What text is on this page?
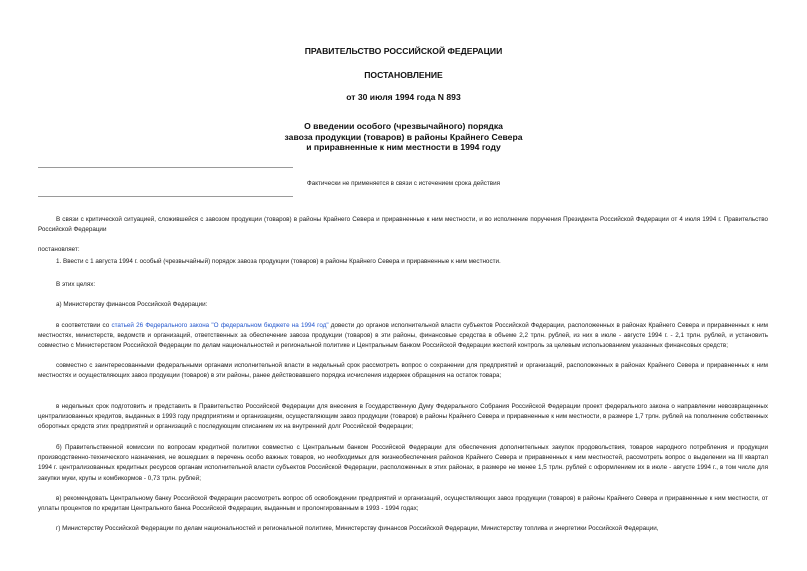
ПРАВИТЕЛЬСТВО РОССИЙСКОЙ ФЕДЕРАЦИИ
ПОСТАНОВЛЕНИЕ
от 30 июля 1994 года N 893
О введении особого (чрезвычайного) порядка
завоза продукции (товаров) в районы Крайнего Севера
и приравненные к ним местности в 1994 году
Фактически не применяется в связи с истечением срока действия
В связи с критической ситуацией, сложившейся с завозом продукции (товаров) в районы Крайнего Севера и приравненные к ним местности, и во исполнение поручения Президента Российской Федерации от 4 июля 1994 г. Правительство Российской Федерации
постановляет:
1. Ввести с 1 августа 1994 г. особый (чрезвычайный) порядок завоза продукции (товаров) в районы Крайнего Севера и приравненные к ним местности.
В этих целях:
а) Министерству финансов Российской Федерации:
в соответствии со статьей 26 Федерального закона "О федеральном бюджете на 1994 год" довести до органов исполнительной власти субъектов Российской Федерации, расположенных в районах Крайнего Севера и приравненных к ним местностях, министерств, ведомств и организаций, ответственных за обеспечение завоза продукции (товаров) в эти районы, финансовые средства в объеме 2,2 трлн. рублей, из них в июле - августе 1994 г. - 2,1 трлн. рублей, и установить совместно с Министерством Российской Федерации по делам национальностей и региональной политике и Центральным банком Российской Федерации жесткий контроль за целевым использованием указанных финансовых средств;
совместно с заинтересованными федеральными органами исполнительной власти в недельный срок рассмотреть вопрос о сохранении для предприятий и организаций, расположенных в районах Крайнего Севера и приравненных к ним местностях и осуществляющих завоз продукции (товаров) в эти районы, ранее действовавшего порядка исчисления издержек обращения на остаток товара;
в недельных срок подготовить и представить в Правительство Российской Федерации для внесения в Государственную Думу Федерального Собрания Российской Федерации проект федерального закона о направлении невозвращенных централизованных кредитов, выданных в 1993 году предприятиям и организациям, осуществляющим завоз продукции (товаров) в районы Крайнего Севера и приравненные к ним местности, в размере 1,7 трлн. рублей на пополнение собственных оборотных средств этих предприятий и организаций с последующим списанием их на внутренний долг Российской Федерации;
б) Правительственной комиссии по вопросам кредитной политики совместно с Центральным банком Российской Федерации для обеспечения дополнительных закупок продовольствия, товаров народного потребления и продукции производственно-технического назначения, не вошедших в перечень особо важных товаров, но необходимых для жизнеобеспечения районов Крайнего Севера и приравненных к ним местностей, рассмотреть вопрос о выделении на III квартал 1994 г. централизованных кредитных ресурсов органам исполнительной власти субъектов Российской Федерации, расположенных в этих районах, в размере не менее 1,5 трлн. рублей с оформлением их в июле - августе 1994 г., в том числе для закупки муки, крупы и комбикормов - 0,73 трлн. рублей;
в) рекомендовать Центральному банку Российской Федерации рассмотреть вопрос об освобождении предприятий и организаций, осуществляющих завоз продукции (товаров) в районы Крайнего Севера и приравненные к ним местности, от уплаты процентов по кредитам Центрального банка Российской Федерации, выданным и пролонгированным в 1993 - 1994 годах;
г) Министерству Российской Федерации по делам национальностей и региональной политике, Министерству финансов Российской Федерации, Министерству топлива и энергетики Российской Федерации,
